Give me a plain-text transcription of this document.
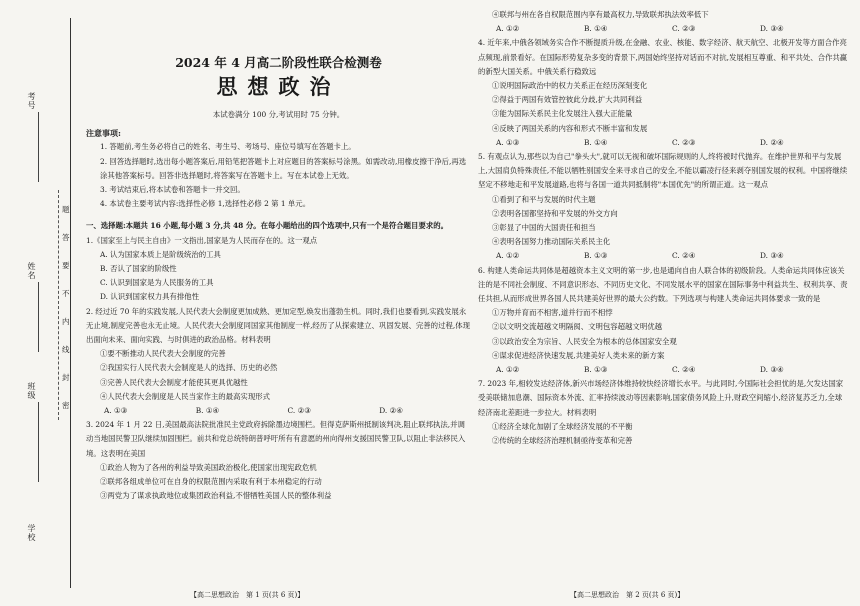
考号
姓名
班级
学校
题
答
要
不
内
线
封
密
2024 年 4 月高二阶段性联合检测卷
思想政治
本试卷满分 100 分,考试用时 75 分钟。
注意事项:

1. 答题前,考生务必将自己的姓名、考生号、考场号、座位号填写在答题卡上。

2. 回答选择题时,选出每小题答案后,用铅笔把答题卡上对应题目的答案标号涂黑。如需改动,用橡皮擦干净后,再选涂其他答案标号。回答非选择题时,将答案写在答题卡上。写在本试卷上无效。

3. 考试结束后,将本试卷和答题卡一并交回。

4. 本试卷主要考试内容:选择性必修 1,选择性必修 2 第 1 单元。

一、选择题:本题共 16 小题,每小题 3 分,共 48 分。在每小题给出的四个选项中,只有一个是符合题目要求的。

1.《国家至上与民主自由》一文指出,国家是为人民而存在的。这一观点

A. 认为国家本质上是阶级统治的工具

B. 否认了国家的阶级性

C. 认识到国家是为人民服务的工具

D. 认识到国家权力具有排他性

2. 经过近 70 年的实践发展,人民代表大会制度更加成熟、更加定型,焕发出蓬勃生机。同时,我们也要看到,实践发展永无止境,制度完善也永无止境。人民代表大会制度同国家其他制度一样,经历了从探索建立、巩固发展、完善的过程,体现出面向未来、面向实践、与时俱进的政治品格。材料表明

①要不断推动人民代表大会制度的完善

②我国实行人民代表大会制度是人的选择、历史的必然

③完善人民代表大会制度才能使其更具优越性

④人民代表大会制度是人民当家作主的最高实现形式

A. ①③	B. ①④	C. ②③	D. ②④

3. 2024 年 1 月 22 日,美国最高法院批准民主党政府拆除墨边境围栏。但得克萨斯州抵制该判决,阻止联邦执法,并调动当地国民警卫队继续加固围栏。前共和党总统特朗普呼吁所有有意愿的州向得州支援国民警卫队,以阻止非法移民入境。这表明在美国

①政治人物为了各州的利益导致美国政治极化,使国家出现宪政危机

②联邦各组成单位可在自身的权限范围内采取有利于本州稳定的行动

③两党为了谋求执政地位或集团政治利益,不惜牺牲美国人民的整体利益

【高二思想政治　第 1 页(共 6 页)】

④联邦与州在各自权限范围内享有最高权力,导致联邦执法效率低下

A. ①②	B. ①④	C. ②③	D. ③④

4. 近年来,中俄各领域务实合作不断提质升级,在金融、农业、核能、数字经济、航天航空、北极开发等方面合作亮点频现,前景看好。在国际形势复杂多变的背景下,两国始终坚持对话而不对抗,发展相互尊重、和平共处、合作共赢的新型大国关系。中俄关系行稳致远

①说明国际政治中的权力关系正在经历深刻变化

②得益于两国有效管控彼此分歧,扩大共同利益

③能为国际关系民主化发展注入强大正能量

④反映了两国关系的内容和形式不断丰富和发展

A. ①③	B. ①④	C. ②③	D. ②④

5. 有观点认为,那些以为自己"拳头大",就可以无视和破坏国际规则的人,终将被时代抛弃。在维护世界和平与发展上,大国肩负特殊责任,不能以牺牲别国安全来寻求自己的安全,不能以霸凌行径来剥夺别国发展的权利。中国将继续坚定不移地走和平发展道路,也将与各国一道共同抵制将"本国优先"的所谓正道。这一观点

①看到了和平与发展的时代主题

②表明各国都坚持和平发展的外交方向

③彰显了中国的大国责任和担当

④表明各国努力推动国际关系民主化

A. ①②	B. ①③	C. ②④	D. ③④

6. 构建人类命运共同体是超越资本主义文明的第一步,也是通向自由人联合体的初级阶段。人类命运共同体应该关注的是不同社会制度、不同意识形态、不同历史文化、不同发展水平的国家在国际事务中利益共生、权利共享、责任共担,从而形成世界各国人民共建美好世界的最大公约数。下列选项与构建人类命运共同体要求一致的是

①万物并育而不相害,道并行而不相悖

②以文明交流超越文明隔阂、文明包容超越文明优越

③以政治安全为宗旨、人民安全为根本的总体国家安全观

④谋求促进经济快速发展,共建美好人类未来的新方案

A. ①②	B. ①③	C. ②④	D. ③④

7. 2023 年,相较发达经济体,新兴市场经济体维持较快经济增长水平。与此同时,今国际社会担忧的是,欠发达国家受美联储加息潮、国际资本外流、汇率持续波动等因素影响,国家债务风险上升,财政空间缩小,经济复苏乏力,全球经济南北差距进一步拉大。材料表明

①经济全球化加剧了全球经济发展的不平衡

②传统的全球经济治理机制亟待变革和完善

【高二思想政治　第 2 页(共 6 页)】
